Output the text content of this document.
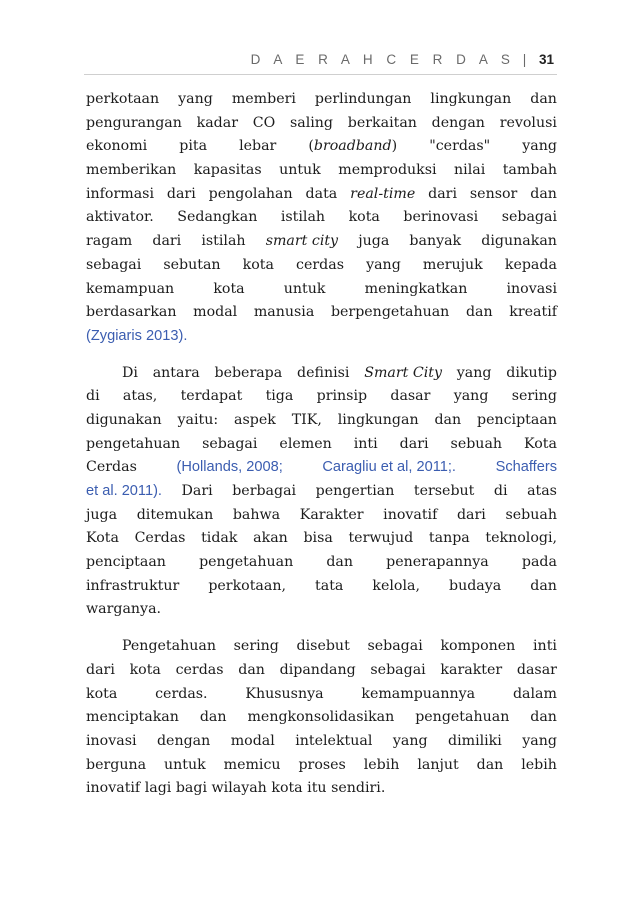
D A E R A H C E R D A S | 31
perkotaan yang memberi perlindungan lingkungan dan
pengurangan kadar CO saling berkaitan dengan revolusi
ekonomi pita lebar (broadband) "cerdas" yang
memberikan kapasitas untuk memproduksi nilai tambah
informasi dari pengolahan data real-time dari sensor dan
aktivator. Sedangkan istilah kota berinovasi sebagai
ragam dari istilah smart city juga banyak digunakan
sebagai sebutan kota cerdas yang merujuk kepada
kemampuan	kota	untuk	meningkatkan	inovasi
berdasarkan modal manusia berpengetahuan dan kreatif
(Zygiaris 2013).
Di antara beberapa definisi Smart City yang dikutip
di atas, terdapat tiga prinsip dasar yang sering
digunakan yaitu: aspek TIK, lingkungan dan penciptaan
pengetahuan sebagai elemen inti dari sebuah Kota
Cerdas	(Hollands, 2008;	Caragliu et al, 2011;.	Schaffers
et al. 2011). Dari berbagai pengertian tersebut di atas
juga ditemukan bahwa Karakter inovatif dari sebuah
Kota Cerdas tidak akan bisa terwujud tanpa teknologi,
penciptaan pengetahuan dan penerapannya pada
infrastruktur perkotaan, tata kelola, budaya dan
warganya.
Pengetahuan sering disebut sebagai komponen inti
dari kota cerdas dan dipandang sebagai karakter dasar
kota	cerdas.	Khususnya	kemampuannya	dalam
menciptakan dan mengkonsolidasikan pengetahuan dan
inovasi dengan modal intelektual yang dimiliki yang
berguna untuk memicu proses lebih lanjut dan lebih
inovatif lagi bagi wilayah kota itu sendiri.
